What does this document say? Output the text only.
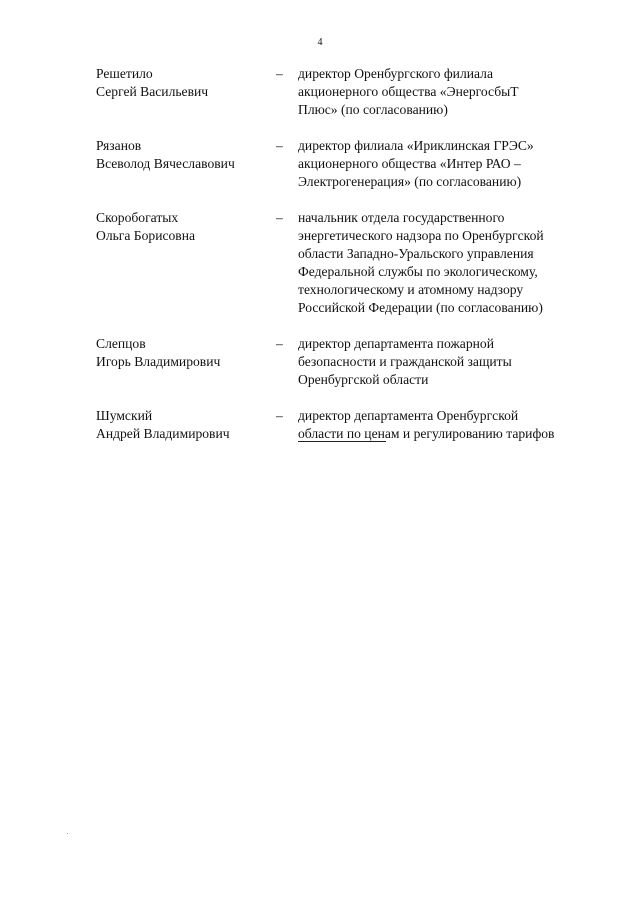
4
Решетило
Сергей Васильевич
– директор Оренбургского филиала
акционерного общества «ЭнергосбыТ
Плюс» (по согласованию)
Рязанов
Всеволод Вячеславович
– директор филиала «Ириклинская ГРЭС»
акционерного общества «Интер РАО –
Электрогенерация» (по согласованию)
Скоробогатых
Ольга Борисовна
– начальник отдела государственного
энергетического надзора по Оренбургской
области Западно-Уральского управления
Федеральной службы по экологическому,
технологическому и атомному надзору
Российской Федерации (по согласованию)
Слепцов
Игорь Владимирович
– директор департамента пожарной
безопасности и гражданской защиты
Оренбургской области
Шумский
Андрей Владимирович
– директор департамента Оренбургской
области по ценам и регулированию тарифов
